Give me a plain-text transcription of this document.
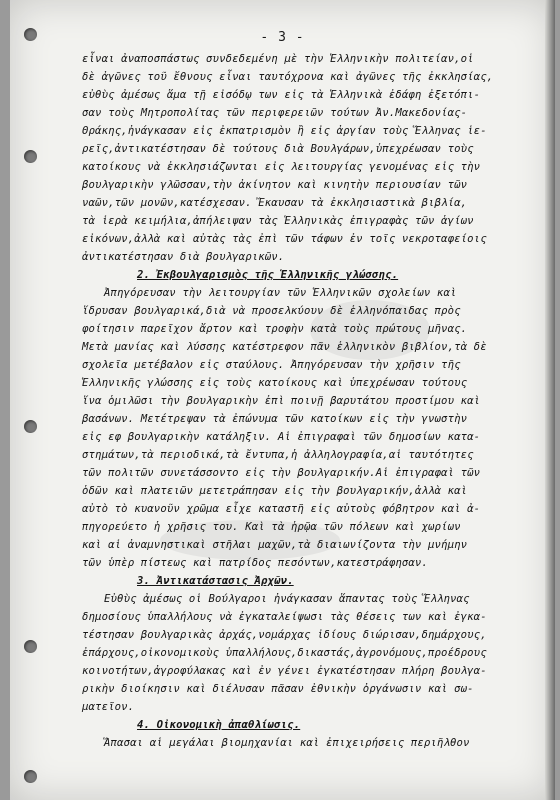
- 3 -
εἶναι ἀναποσπάστως συνδεδεμένη μὲ τὴν Ἑλληνικὴν πολιτείαν,οἱ
δὲ ἀγῶνες τοῦ ἔθνους εἶναι ταυτόχρονα καὶ ἀγῶνες τῆς ἐκκλησίας,
εὐθὺς ἀμέσως ἅμα τῇ εἰσόδῳ των εἰς τὰ Ἑλληνικὰ ἐδάφη ἐξετόπι-
σαν τοὺς Μητροπολίτας τῶν περιφερειῶν τούτων Ἀν.Μακεδονίας-
Θράκης,ἠνάγκασαν εἰς ἐκπατρισμὸν ἢ εἰς ἀργίαν τοὺς Ἕλληνας ἱε-
ρεῖς,ἀντικατέστησαν δὲ τούτους διὰ Βουλγάρων,ὑπεχρέωσαν τοὺς
κατοίκους νὰ ἐκκλησιάζωνται εἰς λειτουργίας γενομένας εἰς τὴν
βουλγαρικὴν γλῶσσαν,τὴν ἀκίνητον καὶ κινητὴν περιουσίαν τῶν
ναῶν,τῶν μονῶν,κατέσχεσαν. Ἔκαυσαν τὰ ἐκκλησιαστικὰ βιβλία,
τὰ ἱερὰ κειμήλια,ἀπήλειψαν τὰς Ἑλληνικὰς ἐπιγραφὰς τῶν ἁγίων
εἰκόνων,ἀλλὰ καὶ αὐτὰς τὰς ἐπὶ τῶν τάφων ἐν τοῖς νεκροταφείοις
ἀντικατέστησαν διὰ βουλγαρικῶν.
2. Ἐκβουλγαρισμὸς τῆς Ἑλληνικῆς γλώσσης.
Ἀπηγόρευσαν τὴν λειτουργίαν τῶν Ἑλληνικῶν σχολείων καὶ
ἵδρυσαν βουλγαρικά,διὰ νὰ προσελκύουν δὲ ἑλληνόπαιδας πρὸς
φοίτησιν παρεῖχον ἄρτον καὶ τροφὴν κατὰ τοὺς πρώτους μῆνας.
Μετὰ μανίας καὶ λύσσης κατέστρεφον πᾶν ἑλληνικὸν βιβλίον,τὰ δὲ
σχολεῖα μετέβαλον εἰς σταύλους. Ἀπηγόρευσαν τὴν χρῆσιν τῆς
Ἑλληνικῆς γλώσσης εἰς τοὺς κατοίκους καὶ ὑπεχρέωσαν τούτους
ἵνα ὁμιλῶσι τὴν βουλγαρικὴν ἐπὶ ποινῇ βαρυτάτου προστίμου καὶ
βασάνων. Μετέτρεψαν τὰ ἐπώνυμα τῶν κατοίκων εἰς τὴν γνωστὴν
εἰς εφ βουλγαρικὴν κατάληξιν. Αἱ ἐπιγραφαὶ τῶν δημοσίων κατα-
στημάτων,τὰ περιοδικά,τὰ ἔντυπα,ἡ ἀλληλογραφία,αἱ ταυτότητες
τῶν πολιτῶν συνετάσσοντο εἰς τὴν βουλγαρικήν.Αἱ ἐπιγραφαὶ τῶν
ὁδῶν καὶ πλατειῶν μετετράπησαν εἰς τὴν βουλγαρικήν,ἀλλὰ καὶ
αὐτὸ τὸ κυανοῦν χρῶμα εἶχε καταστῆ εἰς αὐτοὺς φόβητρον καὶ ἀ-
πηγορεύετο ἡ χρῆσις του. Καὶ τὰ ἡρῷα τῶν πόλεων καὶ χωρίων
καὶ αἱ ἀναμνηστικαὶ στῆλαι μαχῶν,τὰ διαιωνίζοντα τὴν μνήμην
τῶν ὑπὲρ πίστεως καὶ πατρίδος πεσόντων,κατεστράφησαν.
3. Ἀντικατάστασις Ἀρχῶν.
Εὐθὺς ἀμέσως οἱ Βούλγαροι ἠνάγκασαν ἅπαντας τοὺς Ἕλληνας
δημοσίους ὑπαλλήλους νὰ ἐγκαταλείψωσι τὰς θέσεις των καὶ ἐγκα-
τέστησαν βουλγαρικὰς ἀρχάς,νομάρχας ἰδίους διώρισαν,δημάρχους,
ἐπάρχους,οἰκονομικοὺς ὑπαλλήλους,δικαστάς,ἀγρονόμους,προέδρους
κοινοτήτων,ἀγροφύλακας καὶ ἐν γένει ἐγκατέστησαν πλήρη βουλγα-
ρικὴν διοίκησιν καὶ διέλυσαν πᾶσαν ἐθνικὴν ὀργάνωσιν καὶ σω-
ματεῖον.
4. Οἰκονομικὴ ἀπαθλίωσις.
Ἅπασαι αἱ μεγάλαι βιομηχανίαι καὶ ἐπιχειρήσεις περιῆλθον
